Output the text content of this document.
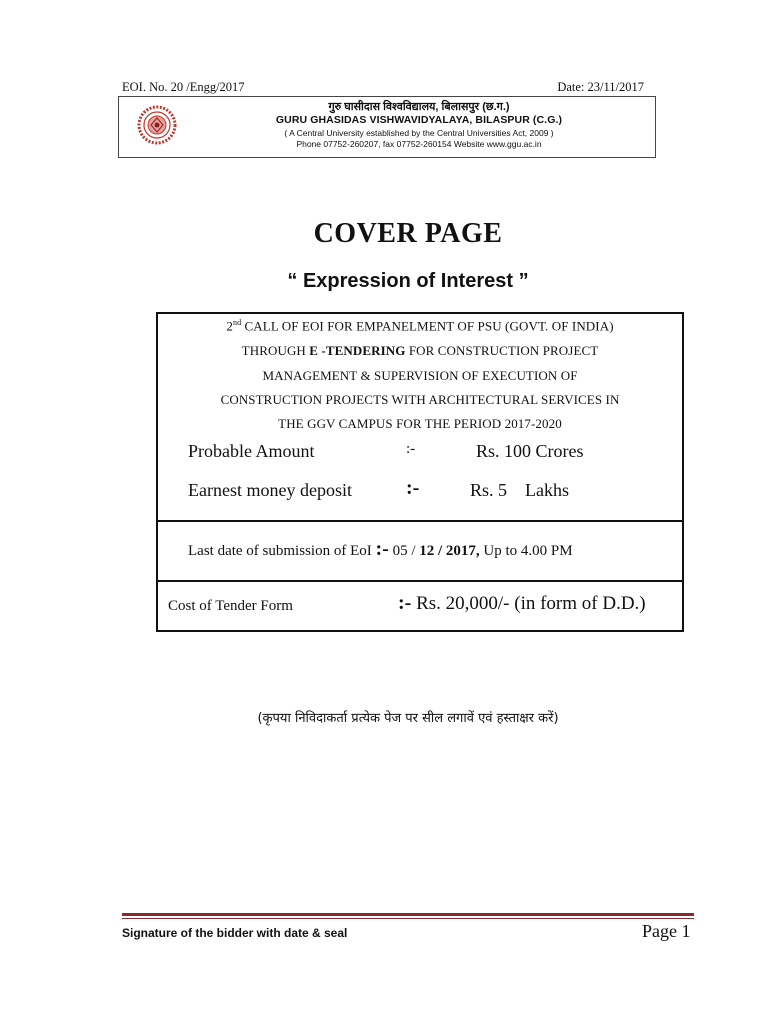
EOI. No. 20 /Engg/2017	Date: 23/11/2017
गुरु घासीदास विश्वविद्यालय, बिलासपुर (छ.ग.)
GURU GHASIDAS VISHWAVIDYALAYA, BILASPUR (C.G.)
( A Central University established by the Central Universities Act, 2009 )
Phone 07752-260207, fax 07752-260154 Website www.ggu.ac.in
COVER PAGE
“ Expression of Interest ”
2nd CALL OF EOI FOR EMPANELMENT OF PSU (GOVT. OF INDIA)
THROUGH E -TENDERING FOR CONSTRUCTION PROJECT
MANAGEMENT & SUPERVISION OF EXECUTION OF
CONSTRUCTION PROJECTS WITH ARCHITECTURAL SERVICES IN
THE GGV CAMPUS FOR THE PERIOD 2017-2020
Probable Amount	:-	Rs. 100 Crores
Earnest money deposit	:-	Rs. 5    Lakhs
Last date of submission of EoI :- 05 / 12 / 2017, Up to 4.00 PM
Cost of Tender Form	:- Rs. 20,000/- (in form of D.D.)
(कृपया निविदाकर्ता प्रत्येक पेज पर सील लगावें एवं हस्ताक्षर करें)
Signature of the bidder with date & seal	Page 1
